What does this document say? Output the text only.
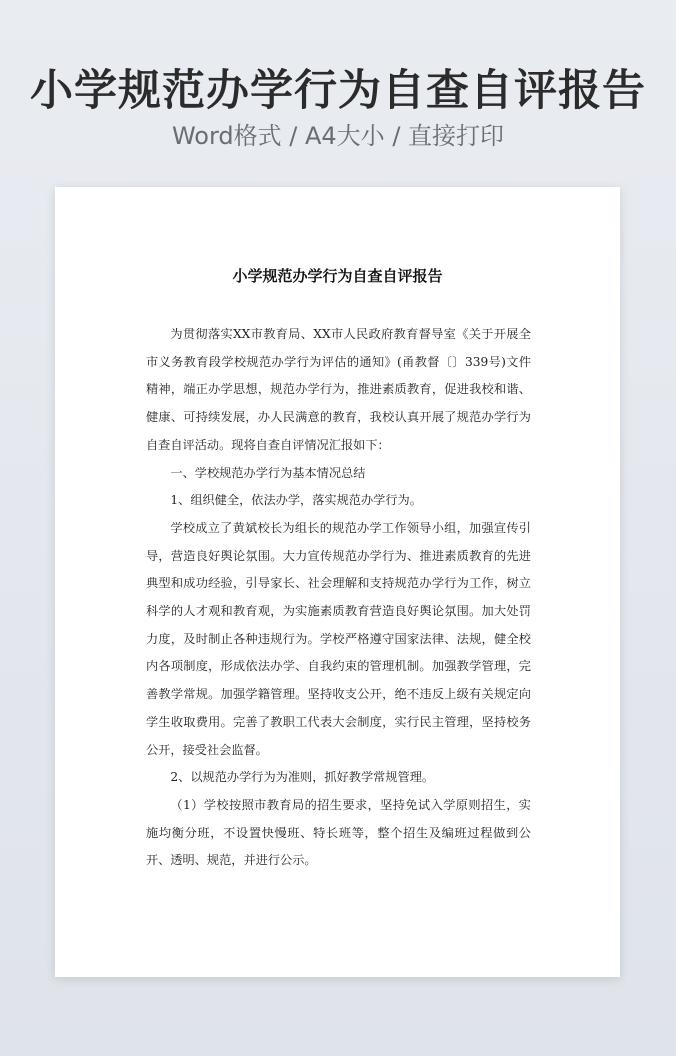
小学规范办学行为自查自评报告
Word格式 / A4大小 / 直接打印
小学规范办学行为自查自评报告

为贯彻落实XX市教育局、XX市人民政府教育督导室《关于开展全市义务教育段学校规范办学行为评估的通知》(甬教督〔〕339号)文件精神，端正办学思想，规范办学行为，推进素质教育，促进我校和谐、健康、可持续发展，办人民满意的教育，我校认真开展了规范办学行为自查自评活动。现将自查自评情况汇报如下：

一、学校规范办学行为基本情况总结

1、组织健全，依法办学，落实规范办学行为。

学校成立了黄斌校长为组长的规范办学工作领导小组，加强宣传引导，营造良好舆论氛围。大力宣传规范办学行为、推进素质教育的先进典型和成功经验，引导家长、社会理解和支持规范办学行为工作，树立科学的人才观和教育观，为实施素质教育营造良好舆论氛围。加大处罚力度，及时制止各种违规行为。学校严格遵守国家法律、法规，健全校内各项制度，形成依法办学、自我约束的管理机制。加强教学管理，完善教学常规。加强学籍管理。坚持收支公开，绝不违反上级有关规定向学生收取费用。完善了教职工代表大会制度，实行民主管理，坚持校务公开，接受社会监督。

2、以规范办学行为为准则，抓好教学常规管理。

（1）学校按照市教育局的招生要求，坚持免试入学原则招生，实施均衡分班，不设置快慢班、特长班等，整个招生及编班过程做到公开、透明、规范，并进行公示。
